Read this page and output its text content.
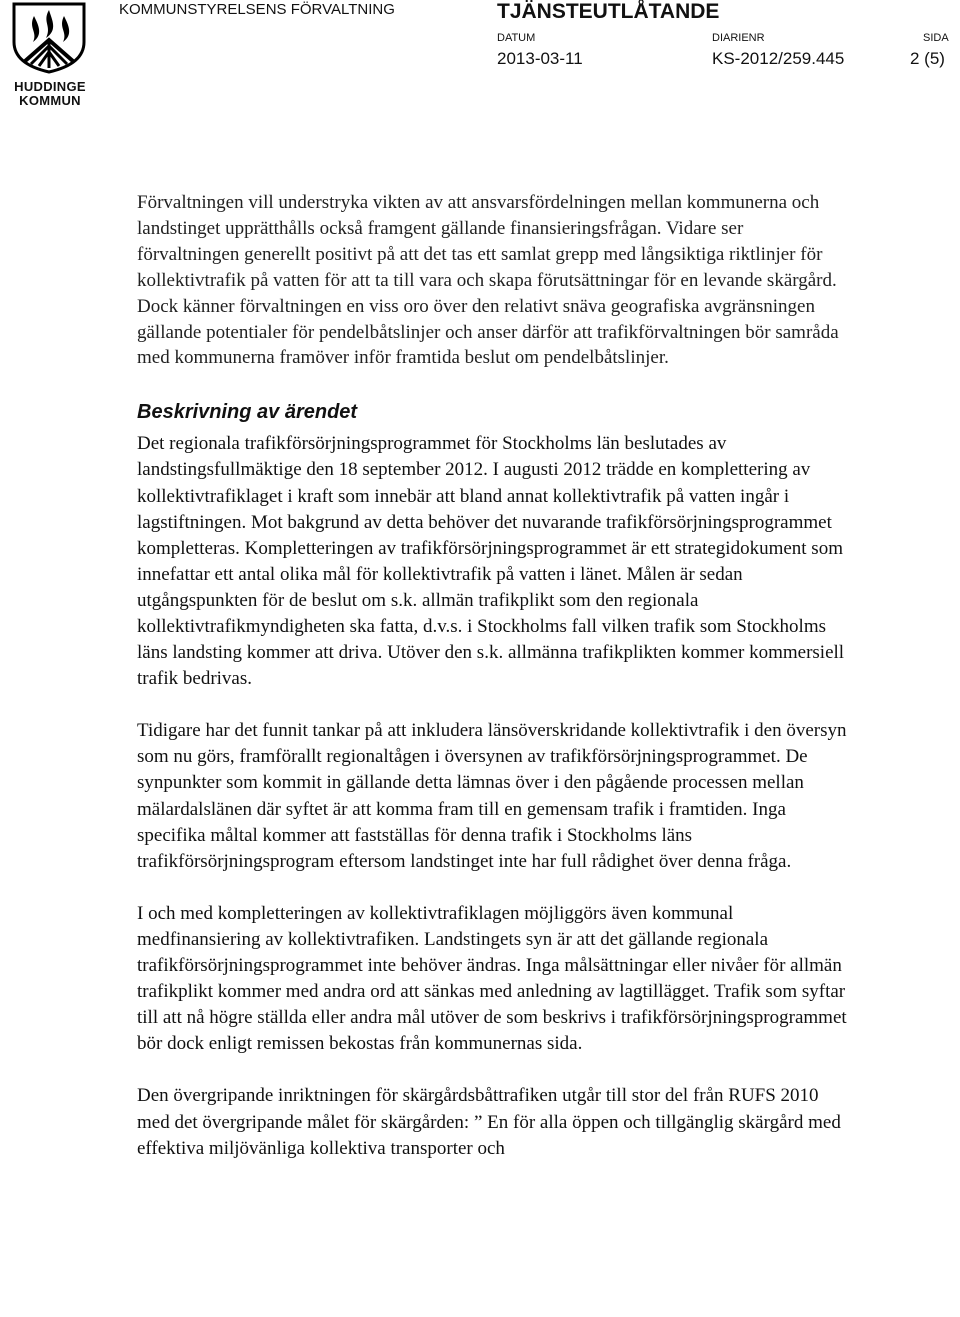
HUDDINGE
KOMMUN
KOMMUNSTYRELSENS FÖRVALTNING	TJÄNSTEUTLÅTANDE
DATUM	DIARIENR	SIDA
2013-03-11	KS-2012/259.445	2 (5)

Förvaltningen vill understryka vikten av att ansvarsfördelningen mellan kommunerna och landstinget upprätthålls också framgent gällande finansieringsfrågan. Vidare ser förvaltningen generellt positivt på att det tas ett samlat grepp med långsiktiga riktlinjer för kollektivtrafik på vatten för att ta till vara och skapa förutsättningar för en levande skärgård. Dock känner förvaltningen en viss oro över den relativt snäva geografiska avgränsningen gällande potentialer för pendelbåtslinjer och anser därför att trafikförvaltningen bör samråda med kommunerna framöver inför framtida beslut om pendelbåtslinjer.

Beskrivning av ärendet

Det regionala trafikförsörjningsprogrammet för Stockholms län beslutades av landstingsfullmäktige den 18 september 2012. I augusti 2012 trädde en komplettering av kollektivtrafiklaget i kraft som innebär att bland annat kollektivtrafik på vatten ingår i lagstiftningen. Mot bakgrund av detta behöver det nuvarande trafikförsörjningsprogrammet kompletteras. Kompletteringen av trafikförsörjningsprogrammet är ett strategidokument som innefattar ett antal olika mål för kollektivtrafik på vatten i länet. Målen är sedan utgångspunkten för de beslut om s.k. allmän trafikplikt som den regionala kollektivtrafikmyndigheten ska fatta, d.v.s. i Stockholms fall vilken trafik som Stockholms läns landsting kommer att driva. Utöver den s.k. allmänna trafikplikten kommer kommersiell trafik bedrivas.

Tidigare har det funnit tankar på att inkludera länsöverskridande kollektivtrafik i den översyn som nu görs, framförallt regionaltågen i översynen av trafikförsörjningsprogrammet. De synpunkter som kommit in gällande detta lämnas över i den pågående processen mellan mälardalslänen där syftet är att komma fram till en gemensam trafik i framtiden. Inga specifika måltal kommer att fastställas för denna trafik i Stockholms läns trafikförsörjningsprogram eftersom landstinget inte har full rådighet över denna fråga.

I och med kompletteringen av kollektivtrafiklagen möjliggörs även kommunal medfinansiering av kollektivtrafiken. Landstingets syn är att det gällande regionala trafikförsörjningsprogrammet inte behöver ändras. Inga målsättningar eller nivåer för allmän trafikplikt kommer med andra ord att sänkas med anledning av lagtillägget. Trafik som syftar till att nå högre ställda eller andra mål utöver de som beskrivs i trafikförsörjningsprogrammet bör dock enligt remissen bekostas från kommunernas sida.

Den övergripande inriktningen för skärgårdsbåttrafiken utgår till stor del från RUFS 2010 med det övergripande målet för skärgården: ” En för alla öppen och tillgänglig skärgård med effektiva miljövänliga kollektiva transporter och
